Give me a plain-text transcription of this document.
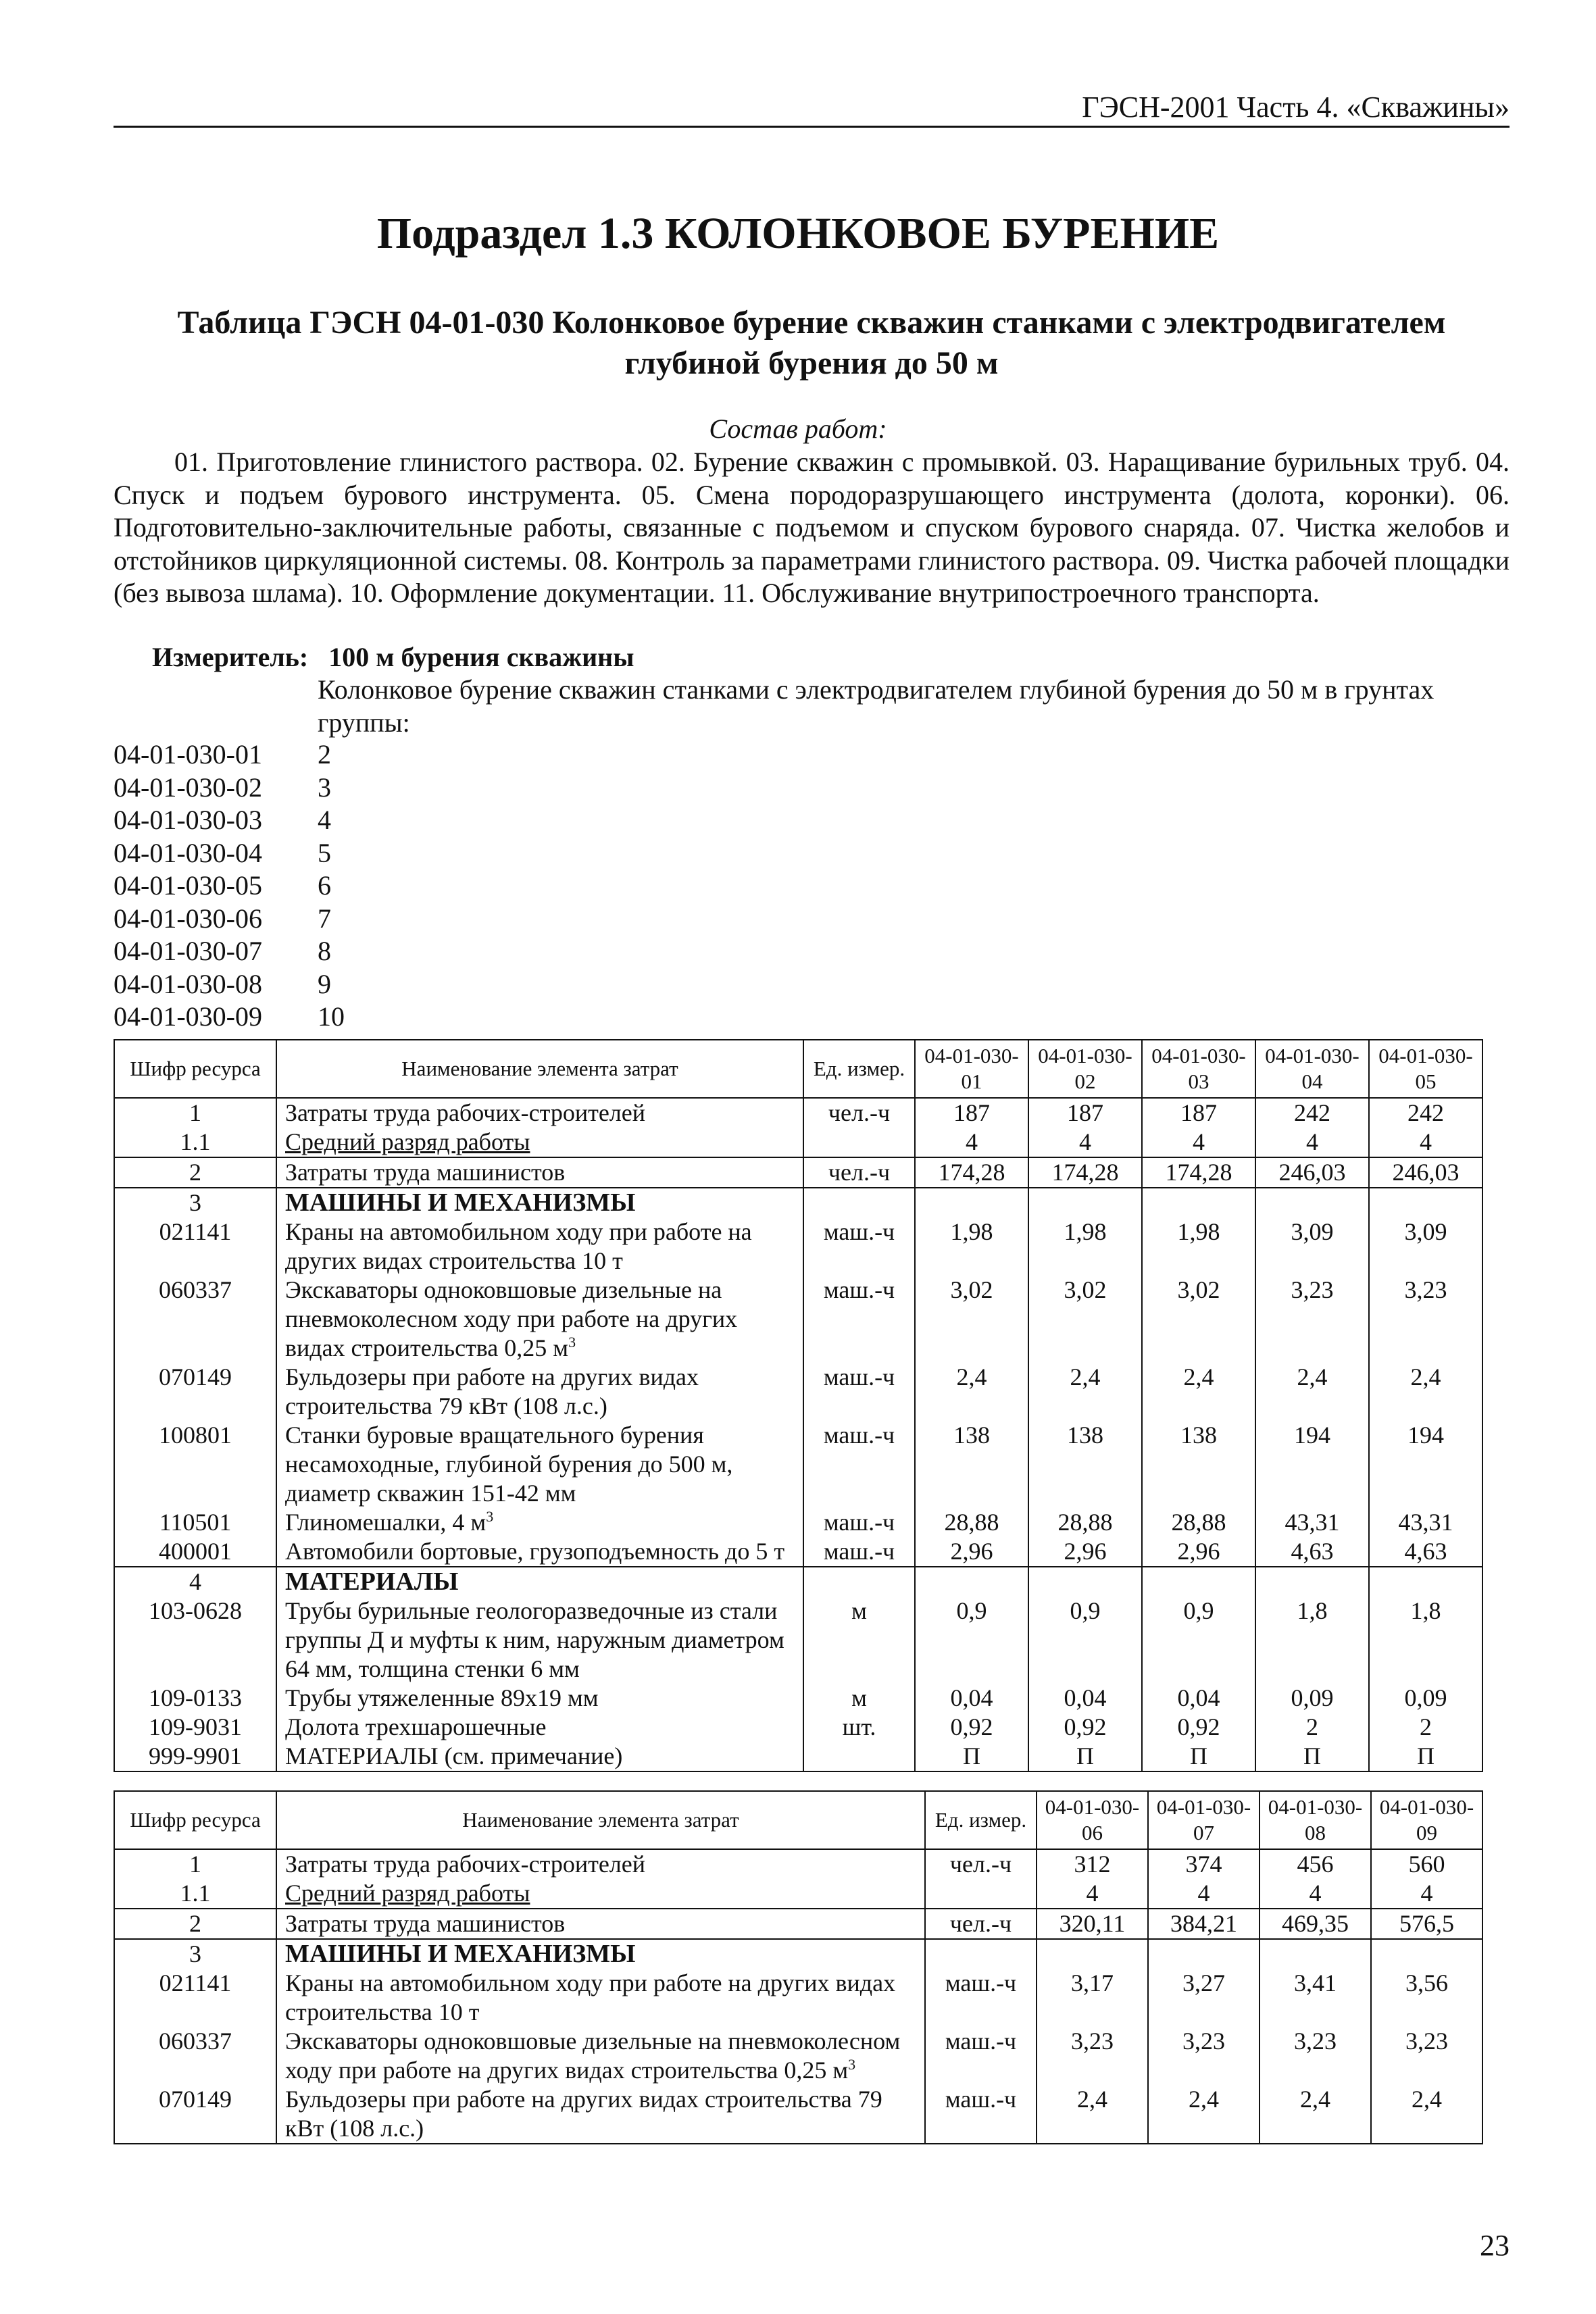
ГЭСН-2001 Часть 4. «Скважины»
Подраздел 1.3 КОЛОНКОВОЕ БУРЕНИЕ
Таблица ГЭСН 04-01-030 Колонковое бурение скважин станками с электродвигателем глубиной бурения до 50 м
Состав работ:
01. Приготовление глинистого раствора. 02. Бурение скважин с промывкой. 03. Наращивание бурильных труб. 04. Спуск и подъем бурового инструмента. 05. Смена породоразрушающего инструмента (долота, коронки). 06. Подготовительно-заключительные работы, связанные с подъемом и спуском бурового снаряда. 07. Чистка желобов и отстойников циркуляционной системы. 08. Контроль за параметрами глинистого раствора. 09. Чистка рабочей площадки (без вывоза шлама). 10. Оформление документации. 11. Обслуживание внутрипостроечного транспорта.
Измеритель: 100 м бурения скважины
Колонковое бурение скважин станками с электродвигателем глубиной бурения до 50 м в грунтах группы:
04-01-030-01	2
04-01-030-02	3
04-01-030-03	4
04-01-030-04	5
04-01-030-05	6
04-01-030-06	7
04-01-030-07	8
04-01-030-08	9
04-01-030-09	10
Шифр ресурса	Наименование элемента затрат	Ед. измер.	04-01-030-01	04-01-030-02	04-01-030-03	04-01-030-04	04-01-030-05
1	Затраты труда рабочих-строителей	чел.-ч	187	187	187	242	242
1.1	Средний разряд работы		4	4	4	4	4
2	Затраты труда машинистов	чел.-ч	174,28	174,28	174,28	246,03	246,03
3	МАШИНЫ И МЕХАНИЗМЫ						
021141	Краны на автомобильном ходу при работе на других видах строительства 10 т	маш.-ч	1,98	1,98	1,98	3,09	3,09
060337	Экскаваторы одноковшовые дизельные на пневмоколесном ходу при работе на других видах строительства 0,25 $м^3$	маш.-ч	3,02	3,02	3,02	3,23	3,23
070149	Бульдозеры при работе на других видах строительства 79 кВт (108 л.с.)	маш.-ч	2,4	2,4	2,4	2,4	2,4
100801	Станки буровые вращательного бурения несамоходные, глубиной бурения до 500 м, диаметр скважин 151-42 мм	маш.-ч	138	138	138	194	194
110501	Глиномешалки, 4 $м^3$	маш.-ч	28,88	28,88	28,88	43,31	43,31
400001	Автомобили бортовые, грузоподъемность до 5 т	маш.-ч	2,96	2,96	2,96	4,63	4,63
4	МАТЕРИАЛЫ						
103-0628	Трубы бурильные геологоразведочные из стали группы Д и муфты к ним, наружным диаметром 64 мм, толщина стенки 6 мм	м	0,9	0,9	0,9	1,8	1,8
109-0133	Трубы утяжеленные 89х19 мм	м	0,04	0,04	0,04	0,09	0,09
109-9031	Долота трехшарошечные	шт.	0,92	0,92	0,92	2	2
999-9901	МАТЕРИАЛЫ (см. примечание)		П	П	П	П	П
Шифр ресурса	Наименование элемента затрат	Ед. измер.	04-01-030-06	04-01-030-07	04-01-030-08	04-01-030-09
1	Затраты труда рабочих-строителей	чел.-ч	312	374	456	560
1.1	Средний разряд работы		4	4	4	4
2	Затраты труда машинистов	чел.-ч	320,11	384,21	469,35	576,5
3	МАШИНЫ И МЕХАНИЗМЫ					
021141	Краны на автомобильном ходу при работе на других видах строительства 10 т	маш.-ч	3,17	3,27	3,41	3,56
060337	Экскаваторы одноковшовые дизельные на пневмоколесном ходу при работе на других видах строительства 0,25 $м^3$	маш.-ч	3,23	3,23	3,23	3,23
070149	Бульдозеры при работе на других видах строительства 79 кВт (108 л.с.)	маш.-ч	2,4	2,4	2,4	2,4
23
